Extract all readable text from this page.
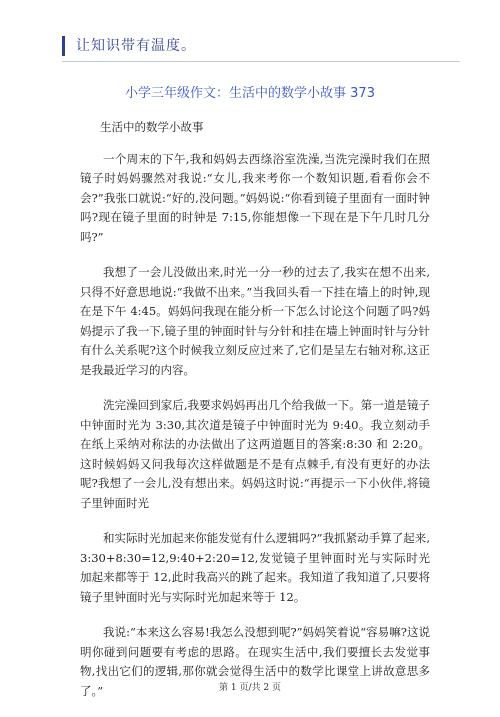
让知识带有温度。
小学三年级作文：生活中的数学小故事 373
生活中的数学小故事

一个周末的下午,我和妈妈去西绦浴室洗澡,当洗完澡时我们在照镜子时妈妈骤然对我说:“女儿,我来考你一个数知识题,看看你会不会?”我张口就说:“好的,没问题。”妈妈说:“你看到镜子里面有一面时钟吗?现在镜子里面的时钟是 7:15,你能想像一下现在是下午几时几分吗?”

我想了一会儿没做出来,时光一分一秒的过去了,我实在想不出来,只得不好意思地说:“我做不出来。”当我回头看一下挂在墙上的时钟,现在是下午 4:45。妈妈问我现在能分析一下怎么讨论这个问题了吗?妈妈提示了我一下,镜子里的钟面时针与分针和挂在墙上钟面时针与分针有什么关系呢?这个时候我立刻反应过来了,它们是呈左右轴对称,这正是我最近学习的内容。

洗完澡回到家后,我要求妈妈再出几个给我做一下。第一道是镜子中钟面时光为 3:30,其次道是镜子中钟面时光为 9:40。我立刻动手在纸上采纳对称法的办法做出了这两道题目的答案:8:30 和 2:20。这时候妈妈又问我每次这样做题是不是有点棘手,有没有更好的办法呢?我想了一会儿,没有想出来。妈妈这时说:“再提示一下小伙伴,将镜子里钟面时光

和实际时光加起来你能发觉有什么逻辑吗?”我抓紧动手算了起来,3:30+8:30=12,9:40+2:20=12,发觉镜子里钟面时光与实际时光加起来都等于 12,此时我高兴的跳了起来。我知道了我知道了,只要将镜子里钟面时光与实际时光加起来等于 12。

我说:“本来这么容易!我怎么没想到呢?”妈妈笑着说“容易嘛?这说明你碰到问题要有考虑的思路。在现实生活中,我们要擅长去发觉事物,找出它们的逻辑,那你就会觉得生活中的数学比课堂上讲故意思多了。”	第 1 页/共 2 页
